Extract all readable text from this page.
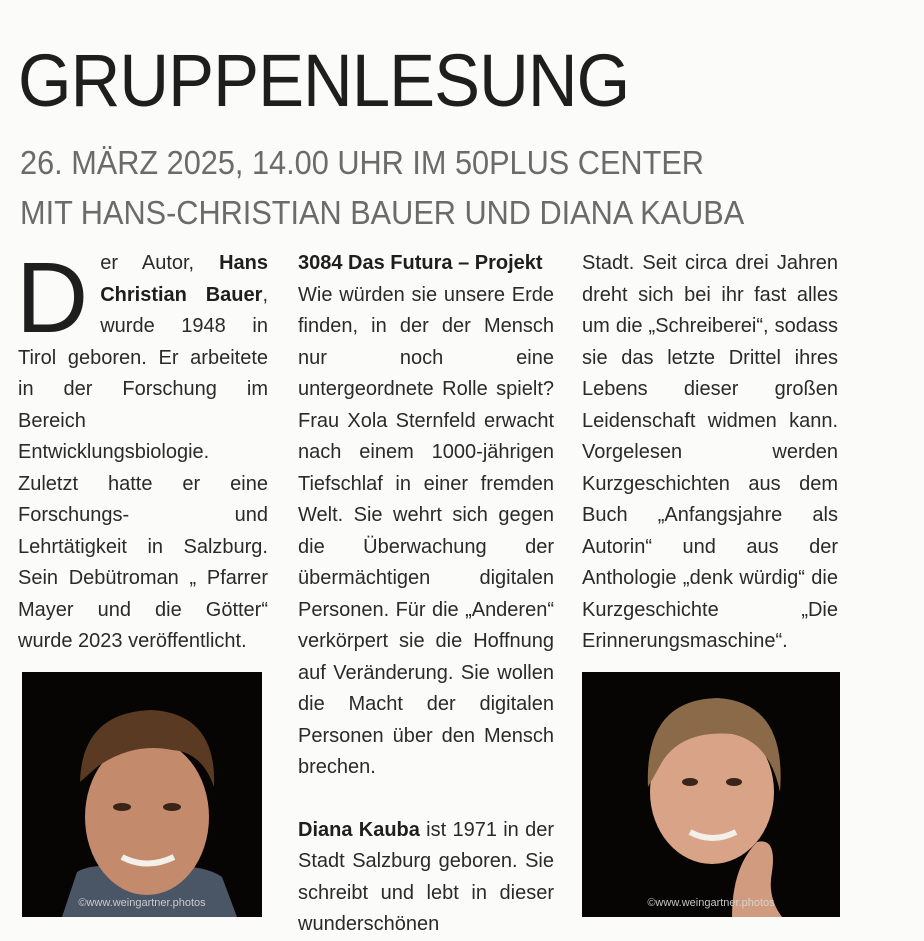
GRUPPENLESUNG
26. MÄRZ 2025, 14.00 UHR IM 50PLUS CENTER
MIT HANS-CHRISTIAN BAUER UND DIANA KAUBA

Der Autor, Hans Christian Bauer, wurde 1948 in Tirol geboren. Er arbeitete in der Forschung im Bereich Entwicklungsbiologie. Zuletzt hatte er eine Forschungs- und Lehrtätigkeit in Salzburg. Sein Debütroman „ Pfarrer Mayer und die Götter“ wurde 2023 veröffentlicht.

3084 Das Futura – Projekt
Wie würden sie unsere Erde finden, in der der Mensch nur noch eine untergeordnete Rolle spielt? Frau Xola Sternfeld erwacht nach einem 1000-jährigen Tiefschlaf in einer fremden Welt. Sie wehrt sich gegen die Überwachung der übermächtigen digitalen Personen. Für die „Anderen“ verkörpert sie die Hoffnung auf Veränderung. Sie wollen die Macht der digitalen Personen über den Mensch brechen.

Diana Kauba ist 1971 in der Stadt Salzburg geboren. Sie schreibt und lebt in dieser wunderschönen

Stadt. Seit circa drei Jahren dreht sich bei ihr fast alles um die „Schreiberei“, sodass sie das letzte Drittel ihres Lebens dieser großen Leidenschaft widmen kann. Vorgelesen werden Kurzgeschichten aus dem Buch „Anfangsjahre als Autorin“ und aus der Anthologie „denk würdig“ die Kurzgeschichte „Die Erinnerungsmaschine“.

©www.weingartner.photos	©www.weingartner.photos
